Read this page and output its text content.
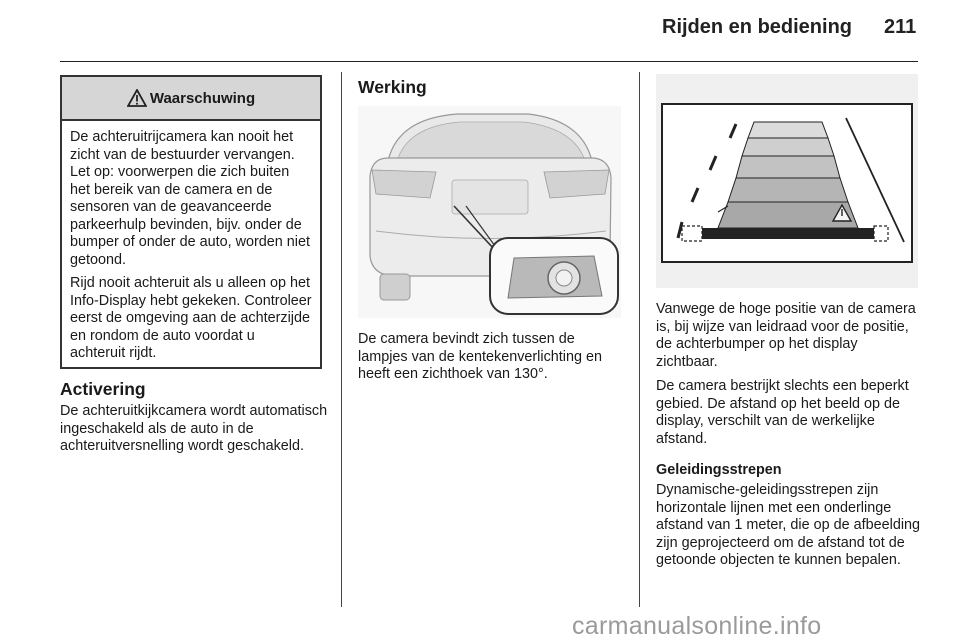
Rijden en bediening 211
Waarschuwing

De achteruitrijcamera kan nooit het zicht van de bestuurder vervangen. Let op: voorwerpen die zich buiten het bereik van de camera en de sensoren van de geavanceerde parkeerhulp bevinden, bijv. onder de bumper of onder de auto, worden niet getoond.

Rijd nooit achteruit als u alleen op het Info-Display hebt gekeken. Controleer eerst de omgeving aan de achterzijde en rondom de auto voordat u achteruit rijdt.

Activering

De achteruitkijkcamera wordt automatisch ingeschakeld als de auto in de achteruitversnelling wordt geschakeld.

Werking

De camera bevindt zich tussen de lampjes van de kentekenverlichting en heeft een zichthoek van 130°.

Vanwege de hoge positie van de camera is, bij wijze van leidraad voor de positie, de achterbumper op het display zichtbaar.

De camera bestrijkt slechts een beperkt gebied. De afstand op het beeld op de display, verschilt van de werkelijke afstand.

Geleidingsstrepen

Dynamische-geleidingsstrepen zijn horizontale lijnen met een onderlinge afstand van 1 meter, die op de afbeelding zijn geprojecteerd om de afstand tot de getoonde objecten te kunnen bepalen.

carmanualsonline.info
